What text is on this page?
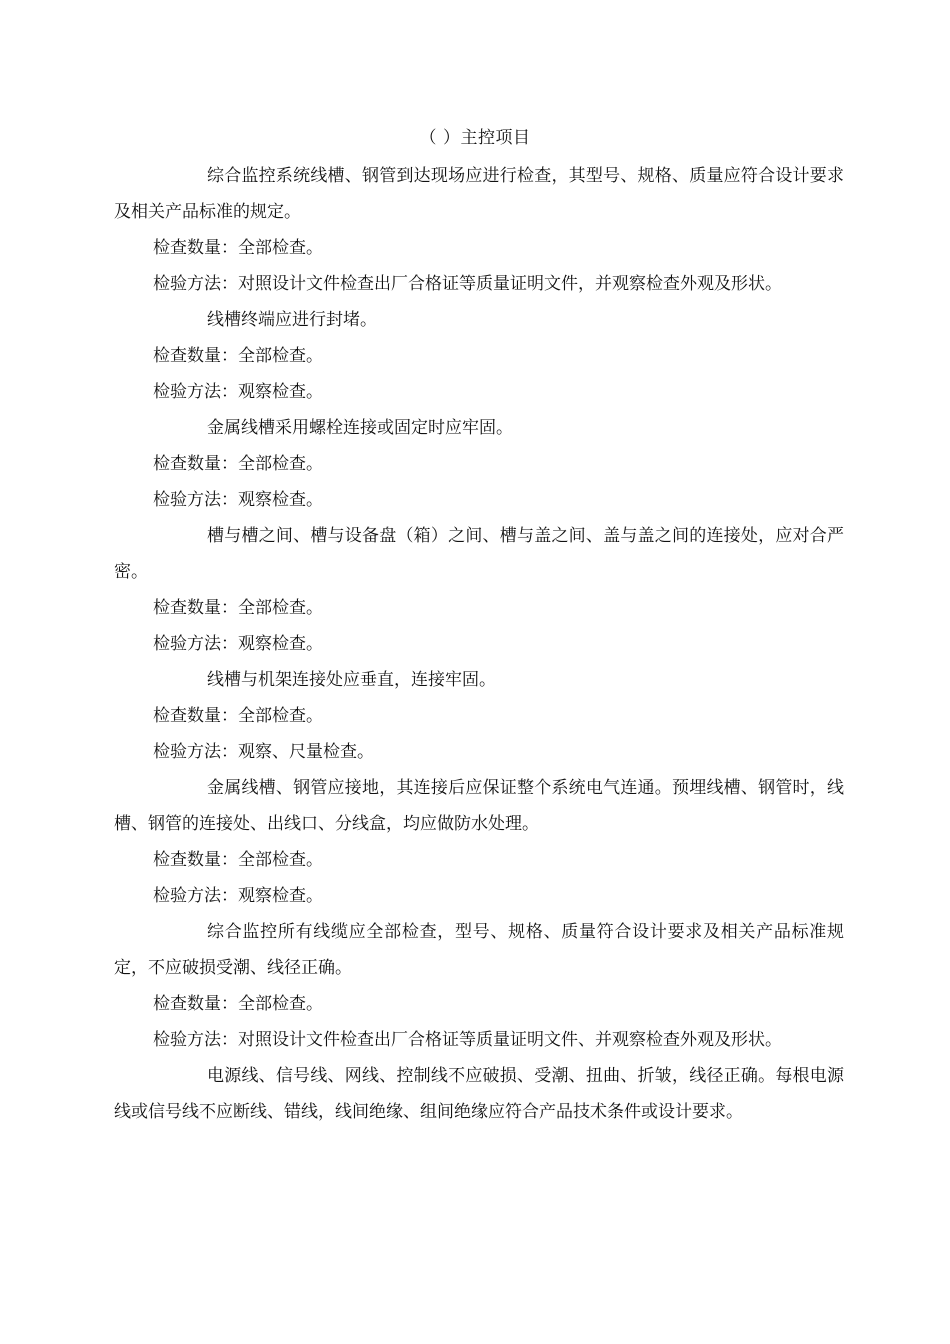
（ ）主控项目

综合监控系统线槽、钢管到达现场应进行检查，其型号、规格、质量应符合设计要求及相关产品标准的规定。

检查数量：全部检查。

检验方法：对照设计文件检查出厂合格证等质量证明文件，并观察检查外观及形状。

线槽终端应进行封堵。

检查数量：全部检查。

检验方法：观察检查。

金属线槽采用螺栓连接或固定时应牢固。

检查数量：全部检查。

检验方法：观察检查。

槽与槽之间、槽与设备盘（箱）之间、槽与盖之间、盖与盖之间的连接处，应对合严密。

检查数量：全部检查。

检验方法：观察检查。

线槽与机架连接处应垂直，连接牢固。

检查数量：全部检查。

检验方法：观察、尺量检查。

金属线槽、钢管应接地，其连接后应保证整个系统电气连通。预埋线槽、钢管时，线槽、钢管的连接处、出线口、分线盒，均应做防水处理。

检查数量：全部检查。

检验方法：观察检查。

综合监控所有线缆应全部检查，型号、规格、质量符合设计要求及相关产品标准规定，不应破损受潮、线径正确。

检查数量：全部检查。

检验方法：对照设计文件检查出厂合格证等质量证明文件、并观察检查外观及形状。

电源线、信号线、网线、控制线不应破损、受潮、扭曲、折皱，线径正确。每根电源线或信号线不应断线、错线，线间绝缘、组间绝缘应符合产品技术条件或设计要求。
